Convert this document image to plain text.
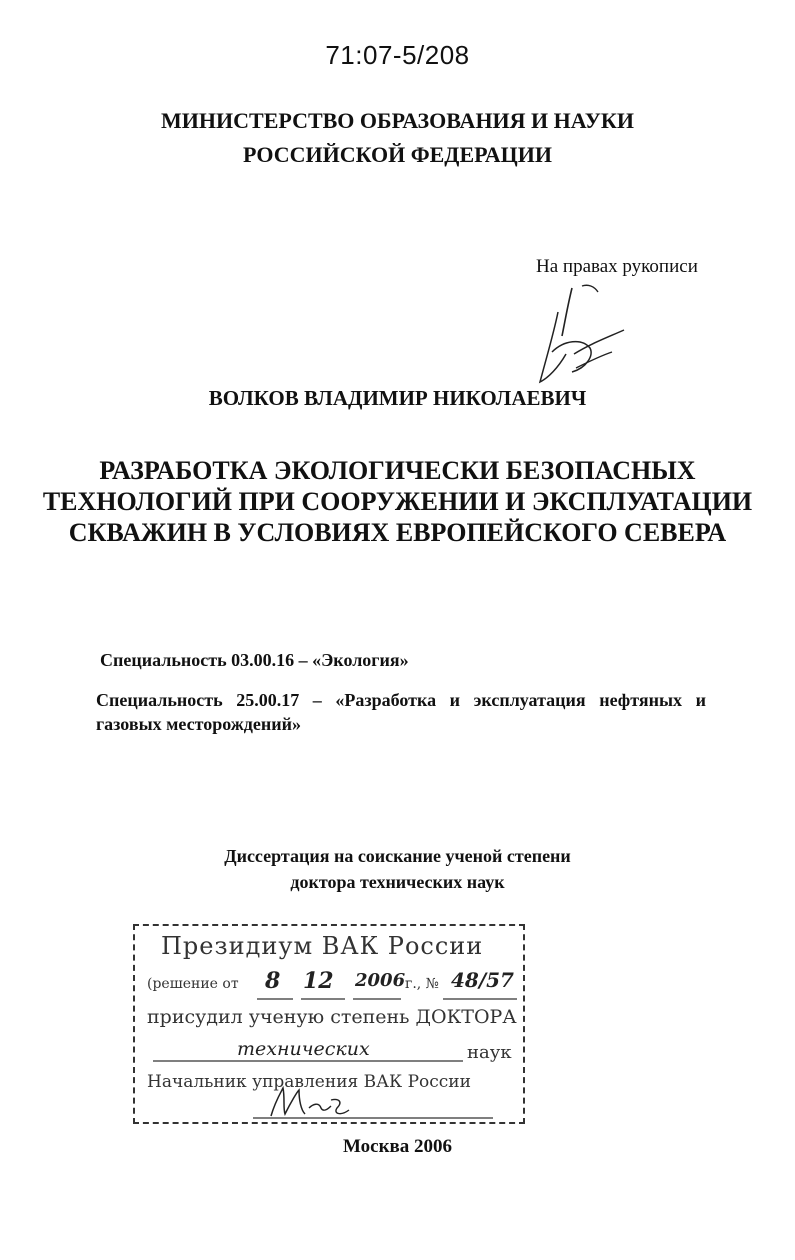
71:07-5/208
МИНИСТЕРСТВО ОБРАЗОВАНИЯ И НАУКИ
РОССИЙСКОЙ ФЕДЕРАЦИИ
На правах рукописи
ВОЛКОВ ВЛАДИМИР НИКОЛАЕВИЧ
РАЗРАБОТКА ЭКОЛОГИЧЕСКИ БЕЗОПАСНЫХ
ТЕХНОЛОГИЙ ПРИ СООРУЖЕНИИ И ЭКСПЛУАТАЦИИ
СКВАЖИН В УСЛОВИЯХ ЕВРОПЕЙСКОГО СЕВЕРА
Специальность 03.00.16 – «Экология»
Специальность 25.00.17 – «Разработка и эксплуатация нефтяных и газовых месторождений»
Диссертация на соискание ученой степени
доктора технических наук
Президиум ВАК России
(решение от 8 12 2006 г., № 48/57
присудил ученую степень ДОКТОРА
технических	наук
Начальник управления ВАК России
Москва 2006
